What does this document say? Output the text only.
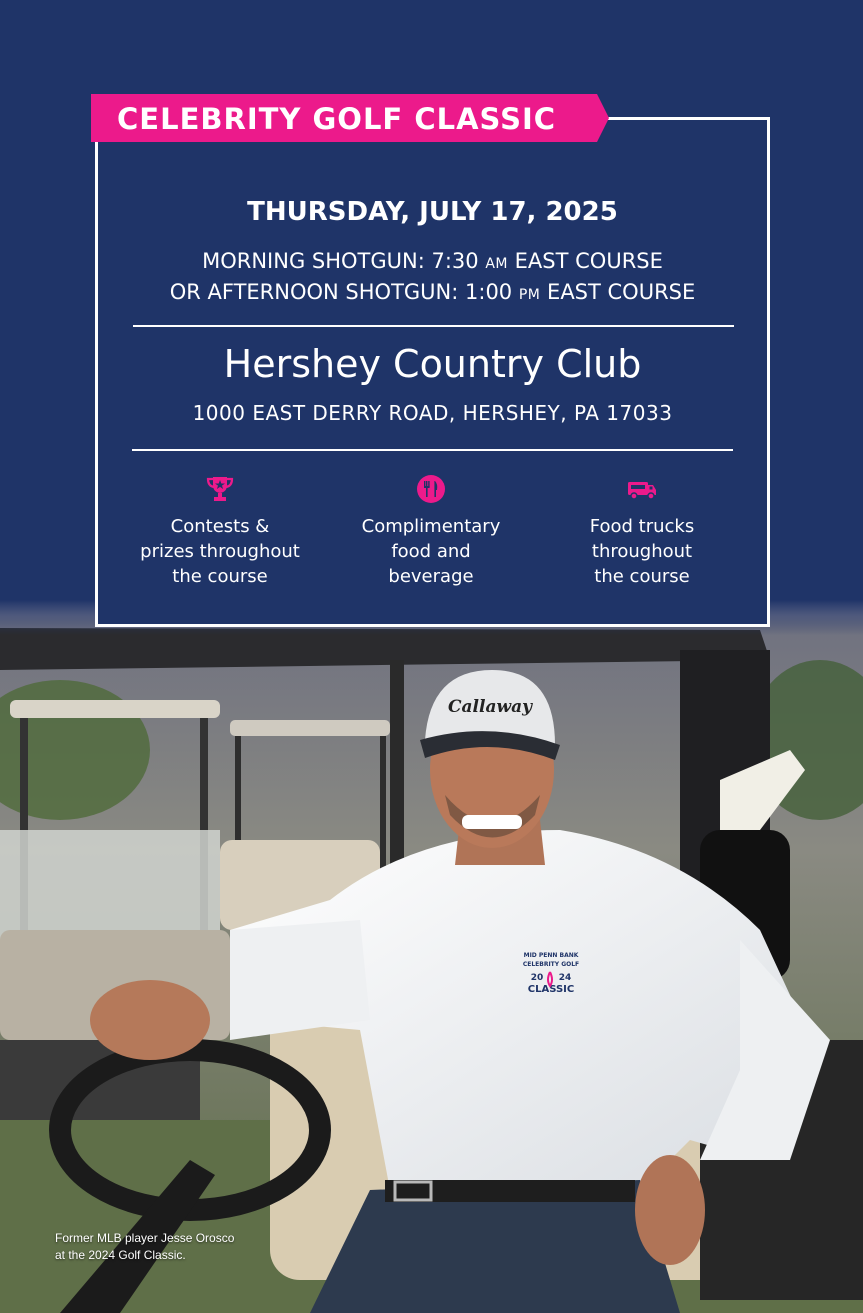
MID PENN BANK
CELEBRITY GOLF
20 24
CLASSIC
CELEBRITY GOLF CLASSIC
THURSDAY, JULY 17, 2025
MORNING SHOTGUN: 7:30 AM EAST COURSE
OR AFTERNOON SHOTGUN: 1:00 PM EAST COURSE
Hershey Country Club
1000 EAST DERRY ROAD, HERSHEY, PA 17033
Contests &
prizes throughout
the course
Complimentary
food and
beverage
Food trucks
throughout
the course
Former MLB player Jesse Orosco
at the 2024 Golf Classic.
